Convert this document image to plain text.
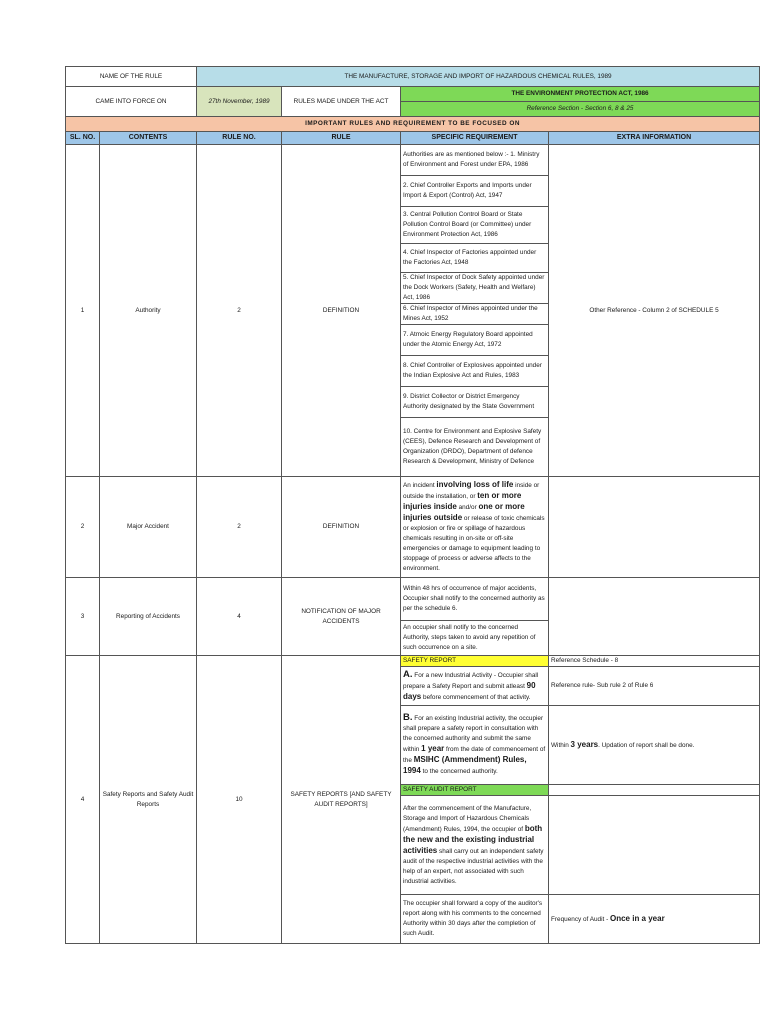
NAME OF THE RULE		THE MANUFACTURE, STORAGE AND IMPORT OF HAZARDOUS CHEMICAL RULES, 1989			
CAME INTO FORCE ON		27th November, 1989	RULES MADE UNDER THE ACT	THE ENVIRONMENT PROTECTION ACT, 1986	
				Reference Section - Section 6, 8 & 25	
IMPORTANT RULES AND REQUIREMENT TO BE FOCUSED ON					
SL. NO.	CONTENTS	RULE NO.	RULE	SPECIFIC REQUIREMENT	EXTRA INFORMATION
1	Authority	2	DEFINITION	Authorities are as mentioned below :- 1. Ministry of Environment and Forest under EPA, 1986	Other Reference - Column 2 of SCHEDULE 5
				2. Chief Controller Exports and Imports under Import & Export (Control) Act, 1947	
				3. Central Pollution Control Board or State Pollution Control Board (or Committee) under Environment Protection Act, 1986	
				4. Chief Inspector of Factories appointed under the Factories Act, 1948	
				5. Chief Inspector of Dock Safety appointed under the Dock Workers (Safety, Health and Welfare) Act, 1986	
				6. Chief Inspector of Mines appointed under the Mines Act, 1952	
				7. Atmoic Energy Regulatory Board appointed under the Atomic Energy Act, 1972	
				8. Chief Controller of Explosives appointed under the Indian Explosive Act and Rules, 1983	
				9. District Collector or District Emergency Authority designated by the State Government	
				10. Centre for Environment and Explosive Safety (CEES), Defence Research and Development of Organization (DRDO), Department of defence Research & Development, Ministry of Defence	
2	Major Accident	2	DEFINITION	An incident involving loss of life inside or outside the installation, or ten or more injuries inside and/or one or more injuries outside or release of toxic chemicals or explosion or fire or spillage of hazardous chemicals resulting in on-site or off-site emergencies or damage to equipment leading to stoppage of process or adverse affects to the environment.	
3	Reporting of Accidents	4	NOTIFICATION OF MAJOR ACCIDENTS	Within 48 hrs of occurrence of major accidents, Occupier shall notify to the concerned authority as per the schedule 6.	
				An occupier shall notify to the concerned Authority, steps taken to avoid any repetition of such occurrence on a site.	
4	Safety Reports and Safety Audit Reports	10	SAFETY REPORTS [AND SAFETY AUDIT REPORTS]	SAFETY REPORT	Reference Schedule - 8
				A. For a new Industrial Activity - Occupier shall prepare a Safety Report and submit atleast 90 days before commencement of that activity.	Reference rule- Sub rule 2 of Rule 6
				B. For an existing Industrial activity, the occupier shall prepare a safety report in consultation with the concerned authority and submit the same within 1 year from the date of commencement of the MSIHC (Ammendment) Rules, 1994 to the concerned authority.	Within 3 years. Updation of report shall be done.
				SAFETY AUDIT REPORT	
				After the commencement of the Manufacture, Storage and Import of Hazardous Chemicals (Amendment) Rules, 1994, the occupier of both the new and the existing industrial activities shall carry out an independent safety audit of the respective industrial activities with the help of an expert, not associated with such industrial activities.	
				The occupier shall forward a copy of the auditor's report along with his comments to the concerned Authority within 30 days after the completion of such Audit.	Frequency of Audit - Once in a year
